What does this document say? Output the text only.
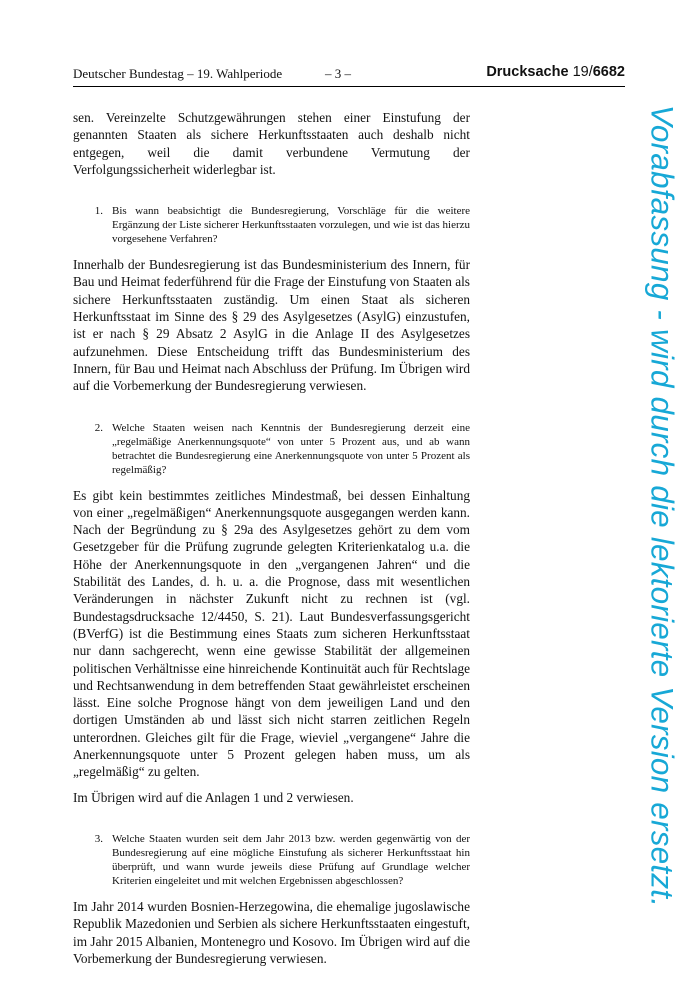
Deutscher Bundestag – 19. Wahlperiode	– 3 –	Drucksache 19/6682

sen. Vereinzelte Schutzgewährungen stehen einer Einstufung der genannten Staaten als sichere Herkunftsstaaten auch deshalb nicht entgegen, weil die damit verbundene Vermutung der Verfolgungssicherheit widerlegbar ist.

1. Bis wann beabsichtigt die Bundesregierung, Vorschläge für die weitere Ergänzung der Liste sicherer Herkunftsstaaten vorzulegen, und wie ist das hierzu vorgesehene Verfahren?

Innerhalb der Bundesregierung ist das Bundesministerium des Innern, für Bau und Heimat federführend für die Frage der Einstufung von Staaten als sichere Herkunftsstaaten zuständig. Um einen Staat als sicheren Herkunftsstaat im Sinne des § 29 des Asylgesetzes (AsylG) einzustufen, ist er nach § 29 Absatz 2 AsylG in die Anlage II des Asylgesetzes aufzunehmen. Diese Entscheidung trifft das Bundesministerium des Innern, für Bau und Heimat nach Abschluss der Prüfung. Im Übrigen wird auf die Vorbemerkung der Bundesregierung verwiesen.

2. Welche Staaten weisen nach Kenntnis der Bundesregierung derzeit eine „regelmäßige Anerkennungsquote“ von unter 5 Prozent aus, und ab wann betrachtet die Bundesregierung eine Anerkennungsquote von unter 5 Prozent als regelmäßig?

Es gibt kein bestimmtes zeitliches Mindestmaß, bei dessen Einhaltung von einer „regelmäßigen“ Anerkennungsquote ausgegangen werden kann. Nach der Begründung zu § 29a des Asylgesetzes gehört zu dem vom Gesetzgeber für die Prüfung zugrunde gelegten Kriterienkatalog u.a. die Höhe der Anerkennungsquote in den „vergangenen Jahren“ und die Stabilität des Landes, d. h. u. a. die Prognose, dass mit wesentlichen Veränderungen in nächster Zukunft nicht zu rechnen ist (vgl. Bundestagsdrucksache 12/4450, S. 21). Laut Bundesverfassungsgericht (BVerfG) ist die Bestimmung eines Staats zum sicheren Herkunftsstaat nur dann sachgerecht, wenn eine gewisse Stabilität der allgemeinen politischen Verhältnisse eine hinreichende Kontinuität auch für Rechtslage und Rechtsanwendung in dem betreffenden Staat gewährleistet erscheinen lässt. Eine solche Prognose hängt von dem jeweiligen Land und den dortigen Umständen ab und lässt sich nicht starren zeitlichen Regeln unterordnen. Gleiches gilt für die Frage, wieviel „vergangene“ Jahre die Anerkennungsquote unter 5 Prozent gelegen haben muss, um als „regelmäßig“ zu gelten.

Im Übrigen wird auf die Anlagen 1 und 2 verwiesen.

3. Welche Staaten wurden seit dem Jahr 2013 bzw. werden gegenwärtig von der Bundesregierung auf eine mögliche Einstufung als sicherer Herkunftsstaat hin überprüft, und wann wurde jeweils diese Prüfung auf Grundlage welcher Kriterien eingeleitet und mit welchen Ergebnissen abgeschlossen?

Im Jahr 2014 wurden Bosnien-Herzegowina, die ehemalige jugoslawische Republik Mazedonien und Serbien als sichere Herkunftsstaaten eingestuft, im Jahr 2015 Albanien, Montenegro und Kosovo. Im Übrigen wird auf die Vorbemerkung der Bundesregierung verwiesen.

Vorabfassung - wird durch die lektorierte Version ersetzt.
